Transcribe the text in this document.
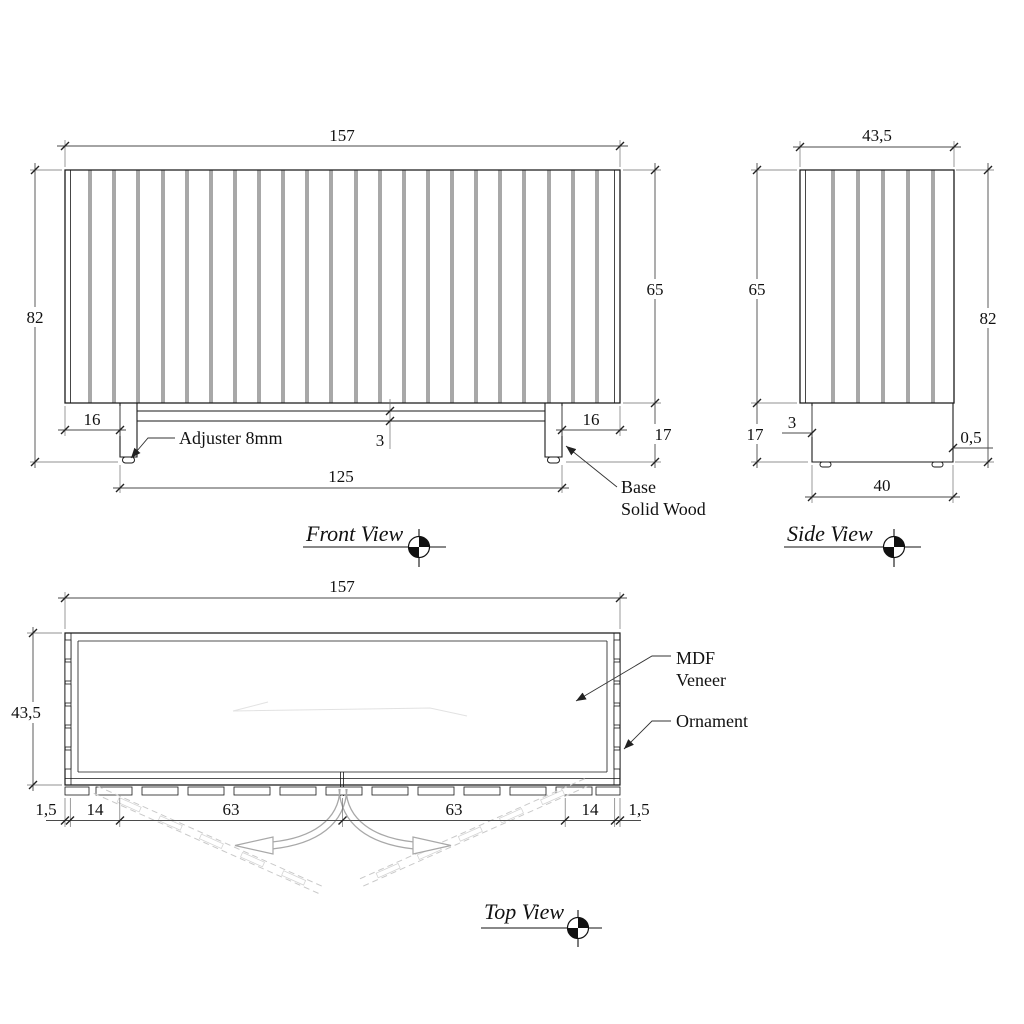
157
82
65
17
16	16
125
3
Adjuster 8mm
Base
Solid Wood
Front View
43,5
65
17
3
0,5
82
40
Side View
157
43,5
1,5 14	63	63	14 1,5
MDF
Veneer
Ornament
Top View
